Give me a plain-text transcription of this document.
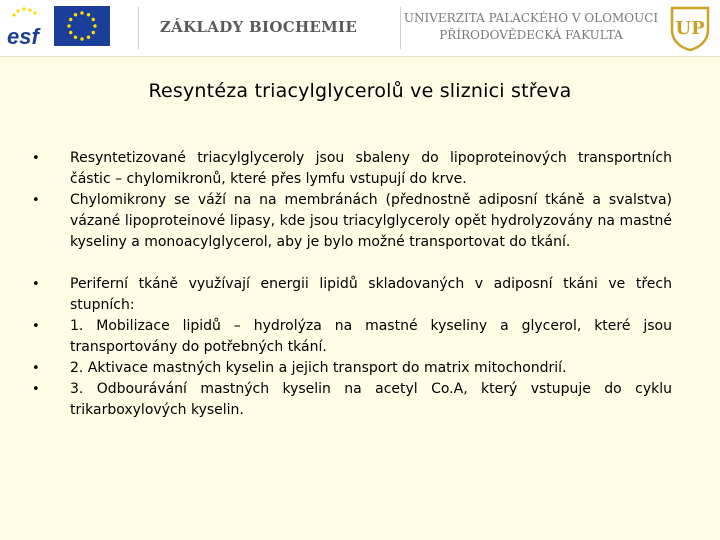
esf	ZÁKLADY BIOCHEMIE	UNIVERZITA PALACKÉHO V OLOMOUCI
PŘÍRODOVĚDECKÁ FAKULTA	UP
Resyntéza triacylglycerolů ve sliznici střeva
• Resyntetizované triacylglyceroly jsou sbaleny do lipoproteinových transportních částic – chylomikronů, které přes lymfu vstupují do krve.
• Chylomikrony se váží na na membránách (přednostně adiposní tkáně a svalstva) vázané lipoproteinové lipasy, kde jsou triacylglyceroly opět hydrolyzovány na mastné kyseliny a monoacylglycerol, aby je bylo možné transportovat do tkání.
• Periferní tkáně využívají energii lipidů skladovaných v adiposní tkáni ve třech stupních:
• 1. Mobilizace lipidů – hydrolýza na mastné kyseliny a glycerol, které jsou transportovány do potřebných tkání.
• 2. Aktivace mastných kyselin a jejich transport do matrix mitochondrií.
• 3. Odbourávání mastných kyselin na acetyl Co.A, který vstupuje do cyklu trikarboxylových kyselin.
